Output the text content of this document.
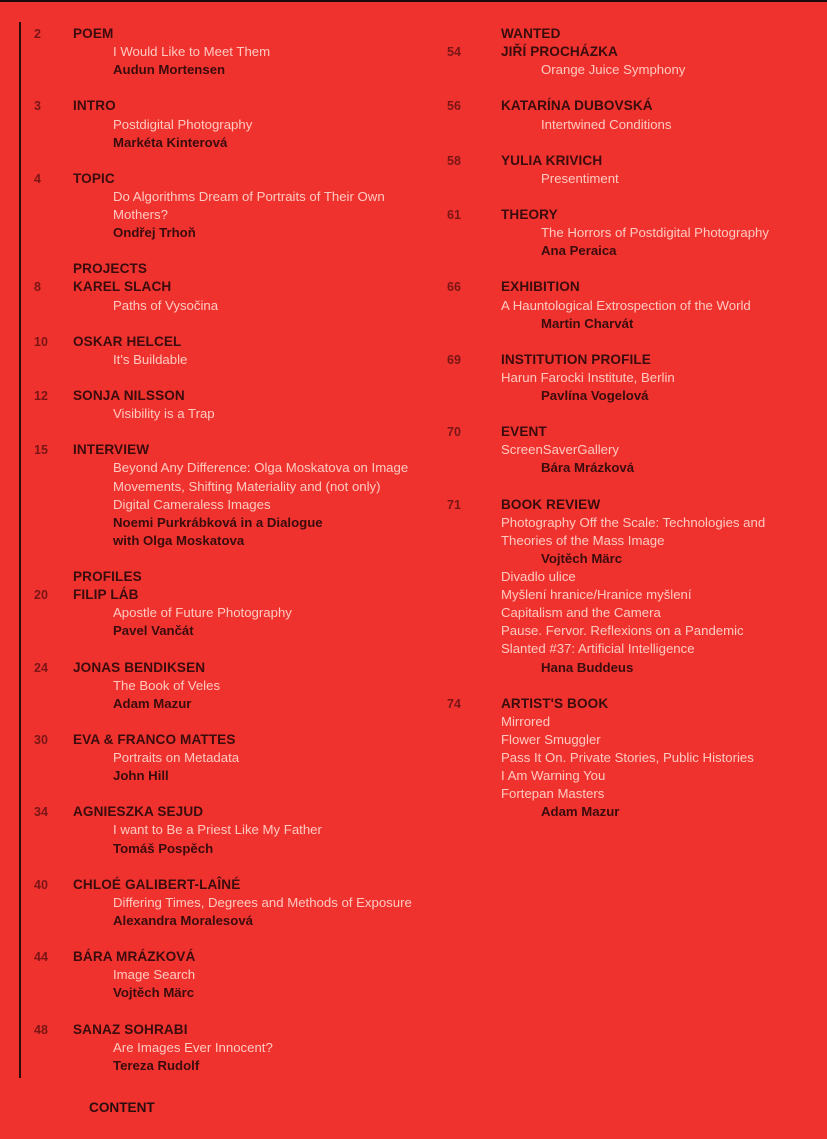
POEM
2
I Would Like to Meet Them
Audun Mortensen
INTRO
3
Postdigital Photography
Markéta Kinterová
TOPIC
4
Do Algorithms Dream of Portraits of Their Own
Mothers?
Ondřej Trhoň
PROJECTS
KAREL SLACH
8
Paths of Vysočina
OSKAR HELCEL
10
It's Buildable
SONJA NILSSON
12
Visibility is a Trap
INTERVIEW
15
Beyond Any Difference: Olga Moskatova on Image
Movements, Shifting Materiality and (not only)
Digital Cameraless Images
Noemi Purkrábková in a Dialogue
with Olga Moskatova
PROFILES
FILIP LÁB
20
Apostle of Future Photography
Pavel Vančát
JONAS BENDIKSEN
24
The Book of Veles
Adam Mazur
EVA & FRANCO MATTES
30
Portraits on Metadata
John Hill
AGNIESZKA SEJUD
34
I want to Be a Priest Like My Father
Tomáš Pospěch
CHLOÉ GALIBERT-LAÎNÉ
40
Differing Times, Degrees and Methods of Exposure
Alexandra Moralesová
BÁRA MRÁZKOVÁ
44
Image Search
Vojtěch Märc
SANAZ SOHRABI
48
Are Images Ever Innocent?
Tereza Rudolf
WANTED
JIŘÍ PROCHÁZKA
54
Orange Juice Symphony
KATARÍNA DUBOVSKÁ
56
Intertwined Conditions
YULIA KRIVICH
58
Presentiment
THEORY
61
The Horrors of Postdigital Photography
Ana Peraica
EXHIBITION
66
A Hauntological Extrospection of the World
Martin Charvát
INSTITUTION PROFILE
69
Harun Farocki Institute, Berlin
Pavlína Vogelová
EVENT
70
ScreenSaverGallery
Bára Mrázková
BOOK REVIEW
71
Photography Off the Scale: Technologies and
Theories of the Mass Image
Vojtěch Märc
Divadlo ulice
Myšlení hranice/Hranice myšlení
Capitalism and the Camera
Pause. Fervor. Reflexions on a Pandemic
Slanted #37: Artificial Intelligence
Hana Buddeus
ARTIST'S BOOK
74
Mirrored
Flower Smuggler
Pass It On. Private Stories, Public Histories
I Am Warning You
Fortepan Masters
Adam Mazur
CONTENT
